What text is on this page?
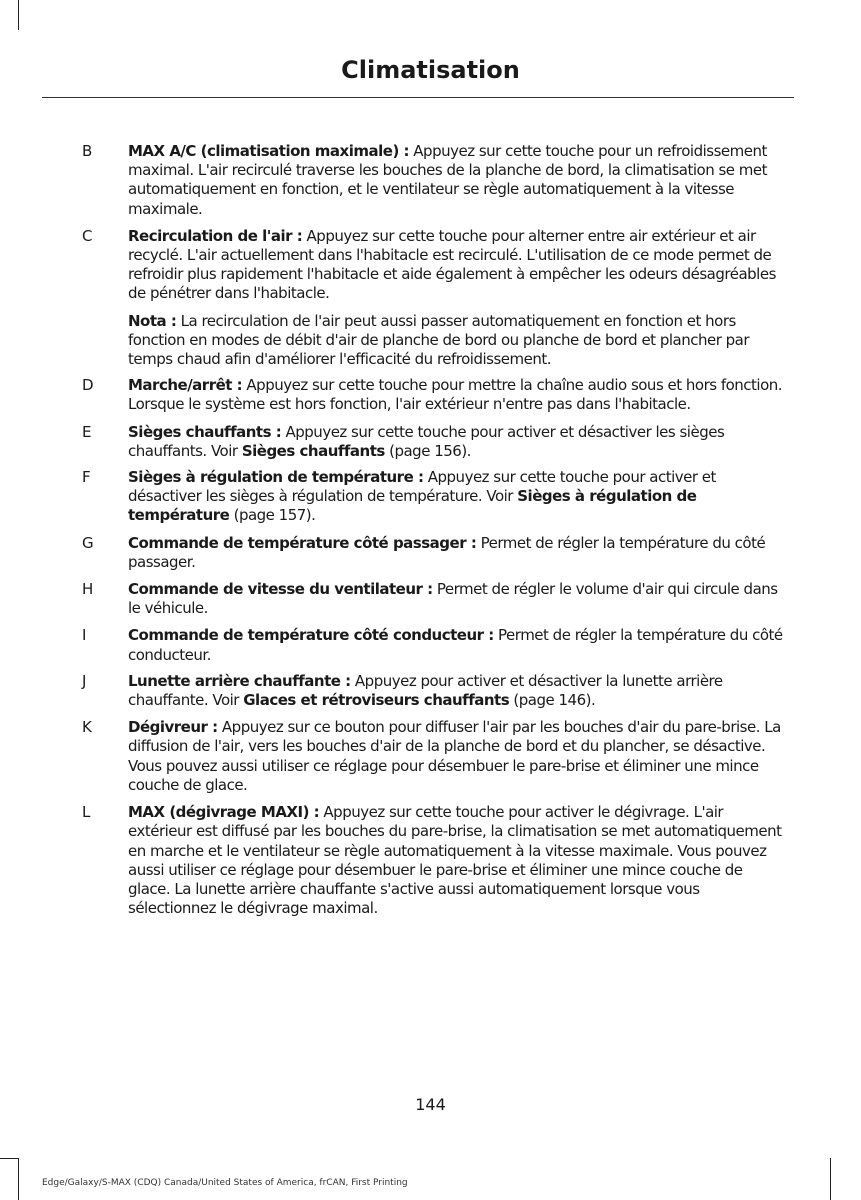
Climatisation
B	MAX A/C (climatisation maximale) : Appuyez sur cette touche pour un refroidissement maximal. L'air recirculé traverse les bouches de la planche de bord, la climatisation se met automatiquement en fonction, et le ventilateur se règle automatiquement à la vitesse maximale.
C	Recirculation de l'air : Appuyez sur cette touche pour alterner entre air extérieur et air recyclé. L'air actuellement dans l'habitacle est recirculé. L'utilisation de ce mode permet de refroidir plus rapidement l'habitacle et aide également à empêcher les odeurs désagréables de pénétrer dans l'habitacle.
Nota : La recirculation de l'air peut aussi passer automatiquement en fonction et hors fonction en modes de débit d'air de planche de bord ou planche de bord et plancher par temps chaud afin d'améliorer l'efficacité du refroidissement.
D	Marche/arrêt : Appuyez sur cette touche pour mettre la chaîne audio sous et hors fonction. Lorsque le système est hors fonction, l'air extérieur n'entre pas dans l'habitacle.
E	Sièges chauffants : Appuyez sur cette touche pour activer et désactiver les sièges chauffants. Voir Sièges chauffants (page 156).
F	Sièges à régulation de température : Appuyez sur cette touche pour activer et désactiver les sièges à régulation de température. Voir Sièges à régulation de température (page 157).
G	Commande de température côté passager : Permet de régler la température du côté passager.
H	Commande de vitesse du ventilateur : Permet de régler le volume d'air qui circule dans le véhicule.
I	Commande de température côté conducteur : Permet de régler la température du côté conducteur.
J	Lunette arrière chauffante : Appuyez pour activer et désactiver la lunette arrière chauffante. Voir Glaces et rétroviseurs chauffants (page 146).
K	Dégivreur : Appuyez sur ce bouton pour diffuser l'air par les bouches d'air du pare-brise. La diffusion de l'air, vers les bouches d'air de la planche de bord et du plancher, se désactive. Vous pouvez aussi utiliser ce réglage pour désembuer le pare-brise et éliminer une mince couche de glace.
L	MAX (dégivrage MAXI) : Appuyez sur cette touche pour activer le dégivrage. L'air extérieur est diffusé par les bouches du pare-brise, la climatisation se met automatiquement en marche et le ventilateur se règle automatiquement à la vitesse maximale. Vous pouvez aussi utiliser ce réglage pour désembuer le pare-brise et éliminer une mince couche de glace. La lunette arrière chauffante s'active aussi automatiquement lorsque vous sélectionnez le dégivrage maximal.
144
Edge/Galaxy/S-MAX (CDQ) Canada/United States of America, frCAN, First Printing
